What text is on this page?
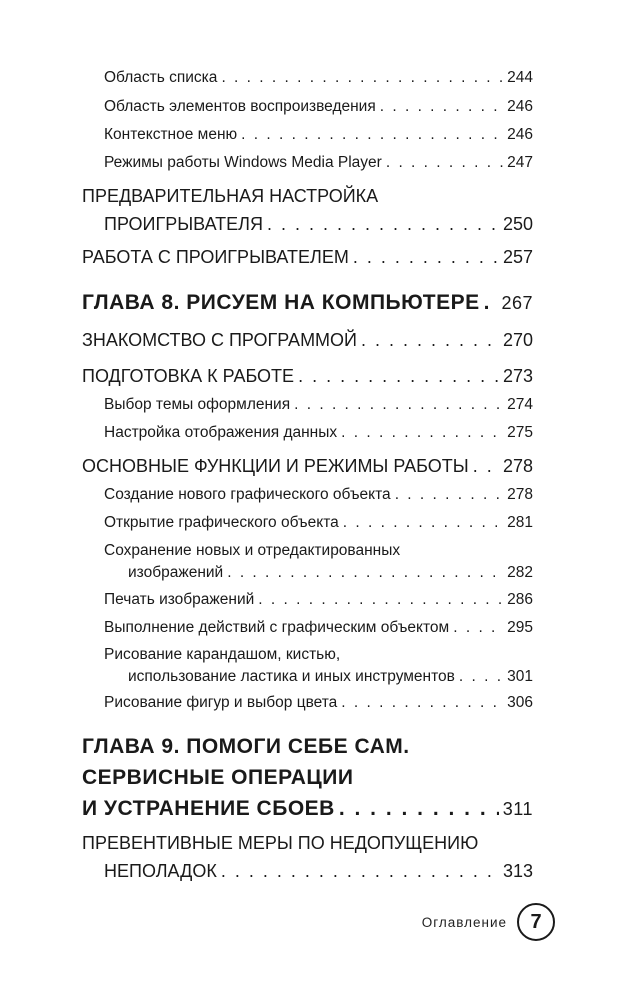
Область списка . . .	244
Область элементов воспроизведения . . .	246
Контекстное меню . . .	246
Режимы работы Windows Media Player . . .	247
ПРЕДВАРИТЕЛЬНАЯ НАСТРОЙКА
ПРОИГРЫВАТЕЛЯ . . .	250
РАБОТА С ПРОИГРЫВАТЕЛЕМ . . .	257
ГЛАВА 8. РИСУЕМ НА КОМПЬЮТЕРЕ . . . 267
ЗНАКОМСТВО С ПРОГРАММОЙ . . .	270
ПОДГОТОВКА К РАБОТЕ . . .	273
Выбор темы оформления . . .	274
Настройка отображения данных . . .	275
ОСНОВНЫЕ ФУНКЦИИ И РЕЖИМЫ РАБОТЫ . . . 278
Создание нового графического объекта . . .	278
Открытие графического объекта . . .	281
Сохранение новых и отредактированных
изображений . . .	282
Печать изображений . . .	286
Выполнение действий с графическим объектом . . .	295
Рисование карандашом, кистью,
использование ластика и иных инструментов . . .	301
Рисование фигур и выбор цвета . . .	306
ГЛАВА 9. ПОМОГИ СЕБЕ САМ.
СЕРВИСНЫЕ ОПЕРАЦИИ
И УСТРАНЕНИЕ СБОЕВ . . .	311
ПРЕВЕНТИВНЫЕ МЕРЫ ПО НЕДОПУЩЕНИЮ
НЕПОЛАДОК . . .	313
Оглавление	7
